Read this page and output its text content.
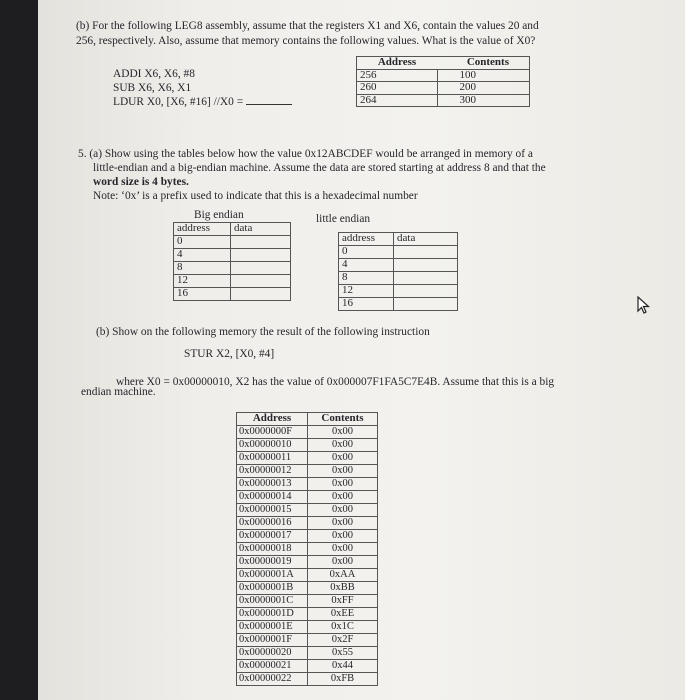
(b) For the following LEG8 assembly, assume that the registers X1 and X6, contain the values 20 and
256, respectively. Also, assume that memory contains the following values. What is the value of X0?
ADDI X6, X6, #8
SUB X6, X6, X1
LDUR X0, [X6, #16] //X0 =
Address	Contents
256	100
260	200
264	300
5. (a) Show using the tables below how the value 0x12ABCDEF would be arranged in memory of a
little-endian and a big-endian machine. Assume the data are stored starting at address 8 and that the
word size is 4 bytes.
Note: ‘0x’ is a prefix used to indicate that this is a hexadecimal number
Big endian
address	data
0	
4	
8	
12	
16	
little endian
address	data
0	
4	
8	
12	
16	
(b) Show on the following memory the result of the following instruction
STUR X2, [X0, #4]
where X0 = 0x00000010, X2 has the value of 0x000007F1FA5C7E4B. Assume that this is a big
endian machine.
Address	Contents
0x0000000F	0x00
0x00000010	0x00
0x00000011	0x00
0x00000012	0x00
0x00000013	0x00
0x00000014	0x00
0x00000015	0x00
0x00000016	0x00
0x00000017	0x00
0x00000018	0x00
0x00000019	0x00
0x0000001A	0xAA
0x0000001B	0xBB
0x0000001C	0xFF
0x0000001D	0xEE
0x0000001E	0x1C
0x0000001F	0x2F
0x00000020	0x55
0x00000021	0x44
0x00000022	0xFB
